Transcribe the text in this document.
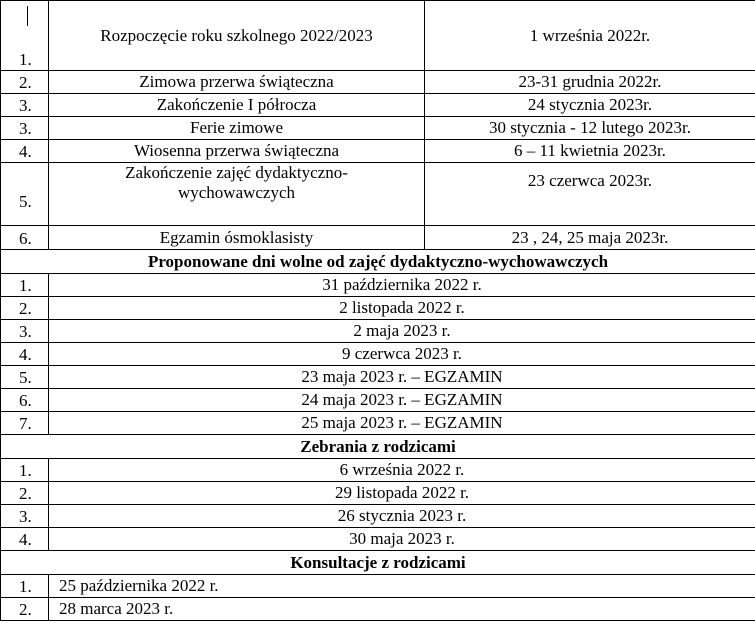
1.	Rozpoczęcie roku szkolnego 2022/2023	1 września 2022r.
2.	Zimowa przerwa świąteczna	23-31 grudnia 2022r.
3.	Zakończenie I półrocza	24 stycznia 2023r.
3.	Ferie zimowe	30 stycznia - 12 lutego 2023r.
4.	Wiosenna przerwa świąteczna	6 – 11 kwietnia 2023r.
5.	Zakończenie zajęć dydaktyczno-wychowawczych	23 czerwca 2023r.
6.	Egzamin ósmoklasisty	23 , 24, 25 maja 2023r.
Proponowane dni wolne od zajęć dydaktyczno-wychowawczych		
1.	31 października 2022 r.	
2.	2 listopada 2022 r.	
3.	2 maja 2023 r.	
4.	9 czerwca 2023 r.	
5.	23 maja 2023 r. – EGZAMIN	
6.	24 maja 2023 r. – EGZAMIN	
7.	25 maja 2023 r. – EGZAMIN	
Zebrania z rodzicami		
1.	6 września 2022 r.	
2.	29 listopada 2022 r.	
3.	26 stycznia 2023 r.	
4.	30 maja 2023 r.	
Konsultacje z rodzicami		
1.	25 października 2022 r.	
2.	28 marca 2023 r.	
